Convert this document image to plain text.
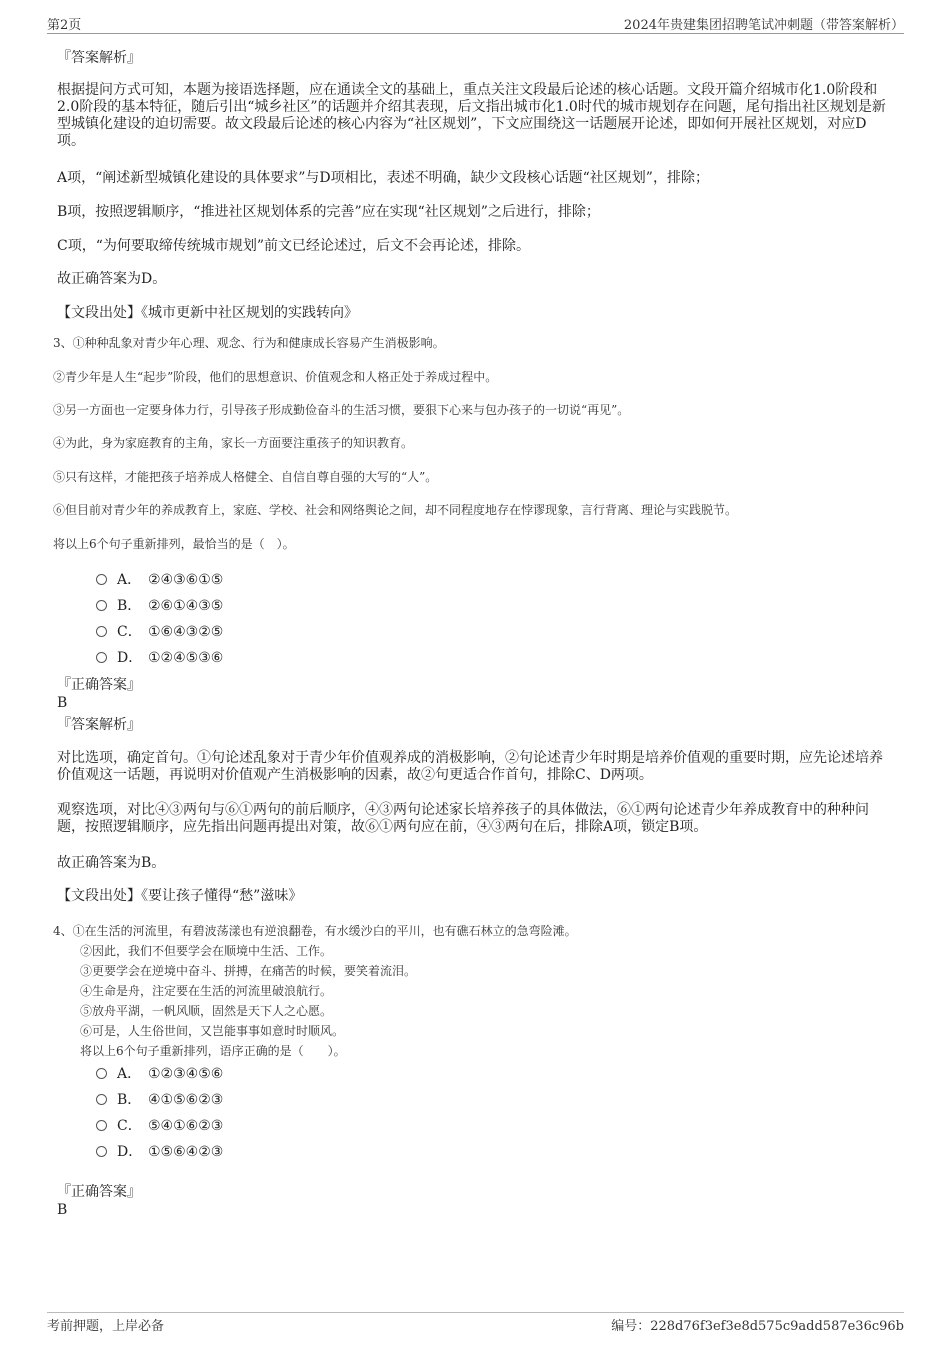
第2页	2024年贵建集团招聘笔试冲刺题（带答案解析）
『答案解析』
根据提问方式可知，本题为接语选择题，应在通读全文的基础上，重点关注文段最后论述的核心话题。文段开篇介绍城市化1.0阶段和2.0阶段的基本特征，随后引出“城乡社区”的话题并介绍其表现，后文指出城市化1.0时代的城市规划存在问题，尾句指出社区规划是新型城镇化建设的迫切需要。故文段最后论述的核心内容为“社区规划”，下文应围绕这一话题展开论述，即如何开展社区规划，对应D项。
A项，“阐述新型城镇化建设的具体要求”与D项相比，表述不明确，缺少文段核心话题“社区规划”，排除；
B项，按照逻辑顺序，“推进社区规划体系的完善”应在实现“社区规划”之后进行，排除；
C项，“为何要取缔传统城市规划”前文已经论述过，后文不会再论述，排除。
故正确答案为D。
【文段出处】《城市更新中社区规划的实践转向》
3、①种种乱象对青少年心理、观念、行为和健康成长容易产生消极影响。
②青少年是人生“起步”阶段，他们的思想意识、价值观念和人格正处于养成过程中。
③另一方面也一定要身体力行，引导孩子形成勤俭奋斗的生活习惯，要狠下心来与包办孩子的一切说“再见”。
④为此，身为家庭教育的主角，家长一方面要注重孩子的知识教育。
⑤只有这样，才能把孩子培养成人格健全、自信自尊自强的大写的“人”。
⑥但目前对青少年的养成教育上，家庭、学校、社会和网络舆论之间，却不同程度地存在悖谬现象，言行背离、理论与实践脱节。
将以上6个句子重新排列，最恰当的是（　）。
A． ②④③⑥①⑤
B． ②⑥①④③⑤
C． ①⑥④③②⑤
D． ①②④⑤③⑥
『正确答案』
B
『答案解析』
对比选项，确定首句。①句论述乱象对于青少年价值观养成的消极影响，②句论述青少年时期是培养价值观的重要时期，应先论述培养价值观这一话题，再说明对价值观产生消极影响的因素，故②句更适合作首句，排除C、D两项。
观察选项，对比④③两句与⑥①两句的前后顺序，④③两句论述家长培养孩子的具体做法，⑥①两句论述青少年养成教育中的种种问题，按照逻辑顺序，应先指出问题再提出对策，故⑥①两句应在前，④③两句在后，排除A项，锁定B项。
故正确答案为B。
【文段出处】《要让孩子懂得“愁”滋味》
4、①在生活的河流里，有碧波荡漾也有逆浪翻卷，有水缓沙白的平川，也有礁石林立的急弯险滩。
②因此，我们不但要学会在顺境中生活、工作。
③更要学会在逆境中奋斗、拼搏，在痛苦的时候，要笑着流泪。
④生命是舟，注定要在生活的河流里破浪航行。
⑤放舟平湖，一帆风顺，固然是天下人之心愿。
⑥可是，人生俗世间，又岂能事事如意时时顺风。
将以上6个句子重新排列，语序正确的是（　　）。
A． ①②③④⑤⑥
B． ④①⑤⑥②③
C． ⑤④①⑥②③
D． ①⑤⑥④②③
『正确答案』
B
考前押题，上岸必备	编号：228d76f3ef3e8d575c9add587e36c96b
